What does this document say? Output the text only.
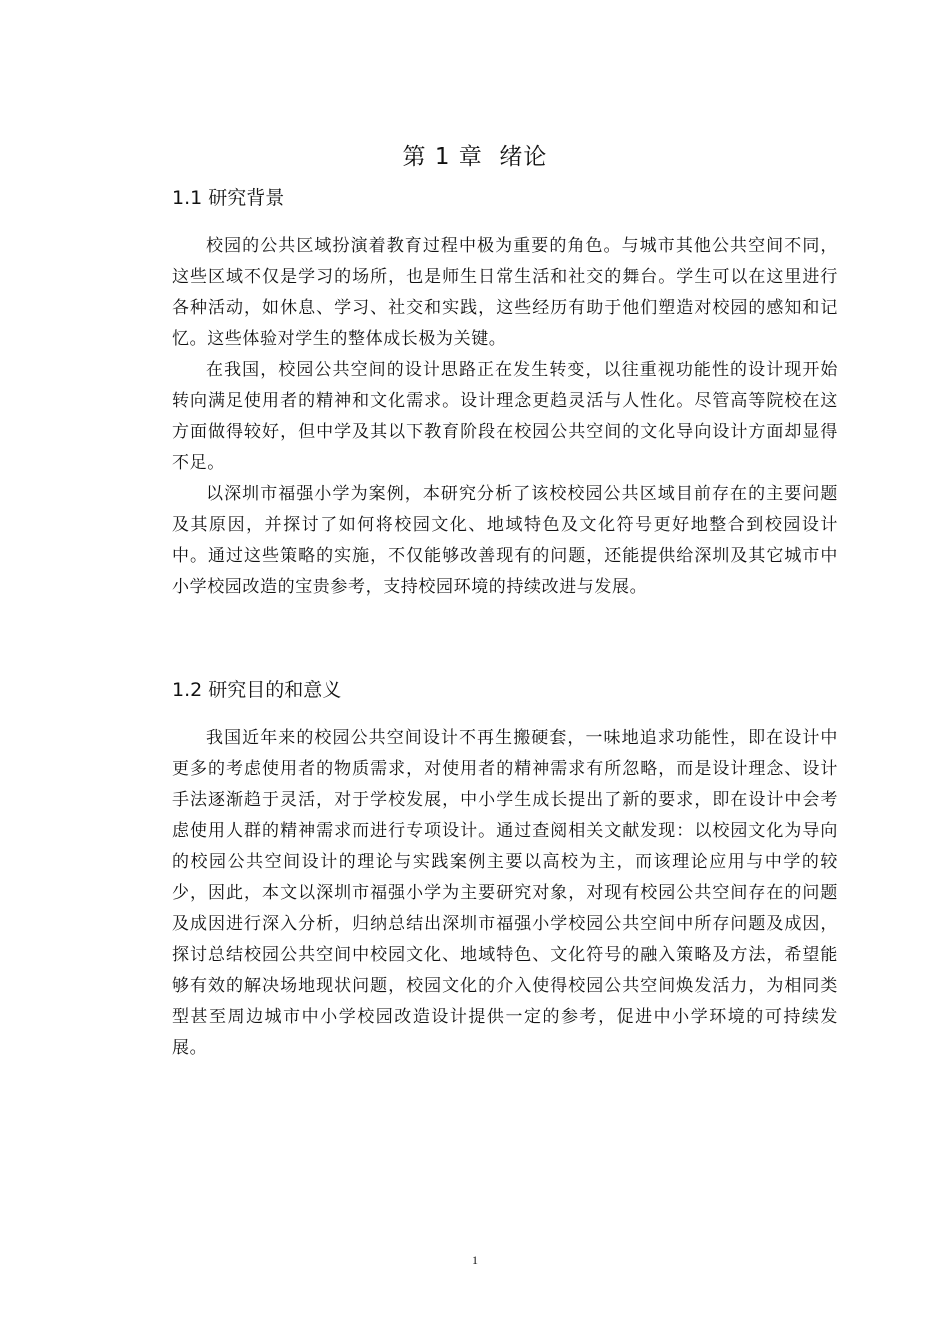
第 1 章  绪论
1.1 研究背景

校园的公共区域扮演着教育过程中极为重要的角色。与城市其他公共空间不同，这些区域不仅是学习的场所，也是师生日常生活和社交的舞台。学生可以在这里进行各种活动，如休息、学习、社交和实践，这些经历有助于他们塑造对校园的感知和记忆。这些体验对学生的整体成长极为关键。

在我国，校园公共空间的设计思路正在发生转变，以往重视功能性的设计现开始转向满足使用者的精神和文化需求。设计理念更趋灵活与人性化。尽管高等院校在这方面做得较好，但中学及其以下教育阶段在校园公共空间的文化导向设计方面却显得不足。

以深圳市福强小学为案例，本研究分析了该校校园公共区域目前存在的主要问题及其原因，并探讨了如何将校园文化、地域特色及文化符号更好地整合到校园设计中。通过这些策略的实施，不仅能够改善现有的问题，还能提供给深圳及其它城市中小学校园改造的宝贵参考，支持校园环境的持续改进与发展。

1.2 研究目的和意义

我国近年来的校园公共空间设计不再生搬硬套，一味地追求功能性，即在设计中更多的考虑使用者的物质需求，对使用者的精神需求有所忽略，而是设计理念、设计手法逐渐趋于灵活，对于学校发展，中小学生成长提出了新的要求，即在设计中会考虑使用人群的精神需求而进行专项设计。通过查阅相关文献发现：以校园文化为导向的校园公共空间设计的理论与实践案例主要以高校为主，而该理论应用与中学的较少，因此，本文以深圳市福强小学为主要研究对象，对现有校园公共空间存在的问题及成因进行深入分析，归纳总结出深圳市福强小学校园公共空间中所存问题及成因，探讨总结校园公共空间中校园文化、地域特色、文化符号的融入策略及方法，希望能够有效的解决场地现状问题，校园文化的介入使得校园公共空间焕发活力，为相同类型甚至周边城市中小学校园改造设计提供一定的参考，促进中小学环境的可持续发展。

1
